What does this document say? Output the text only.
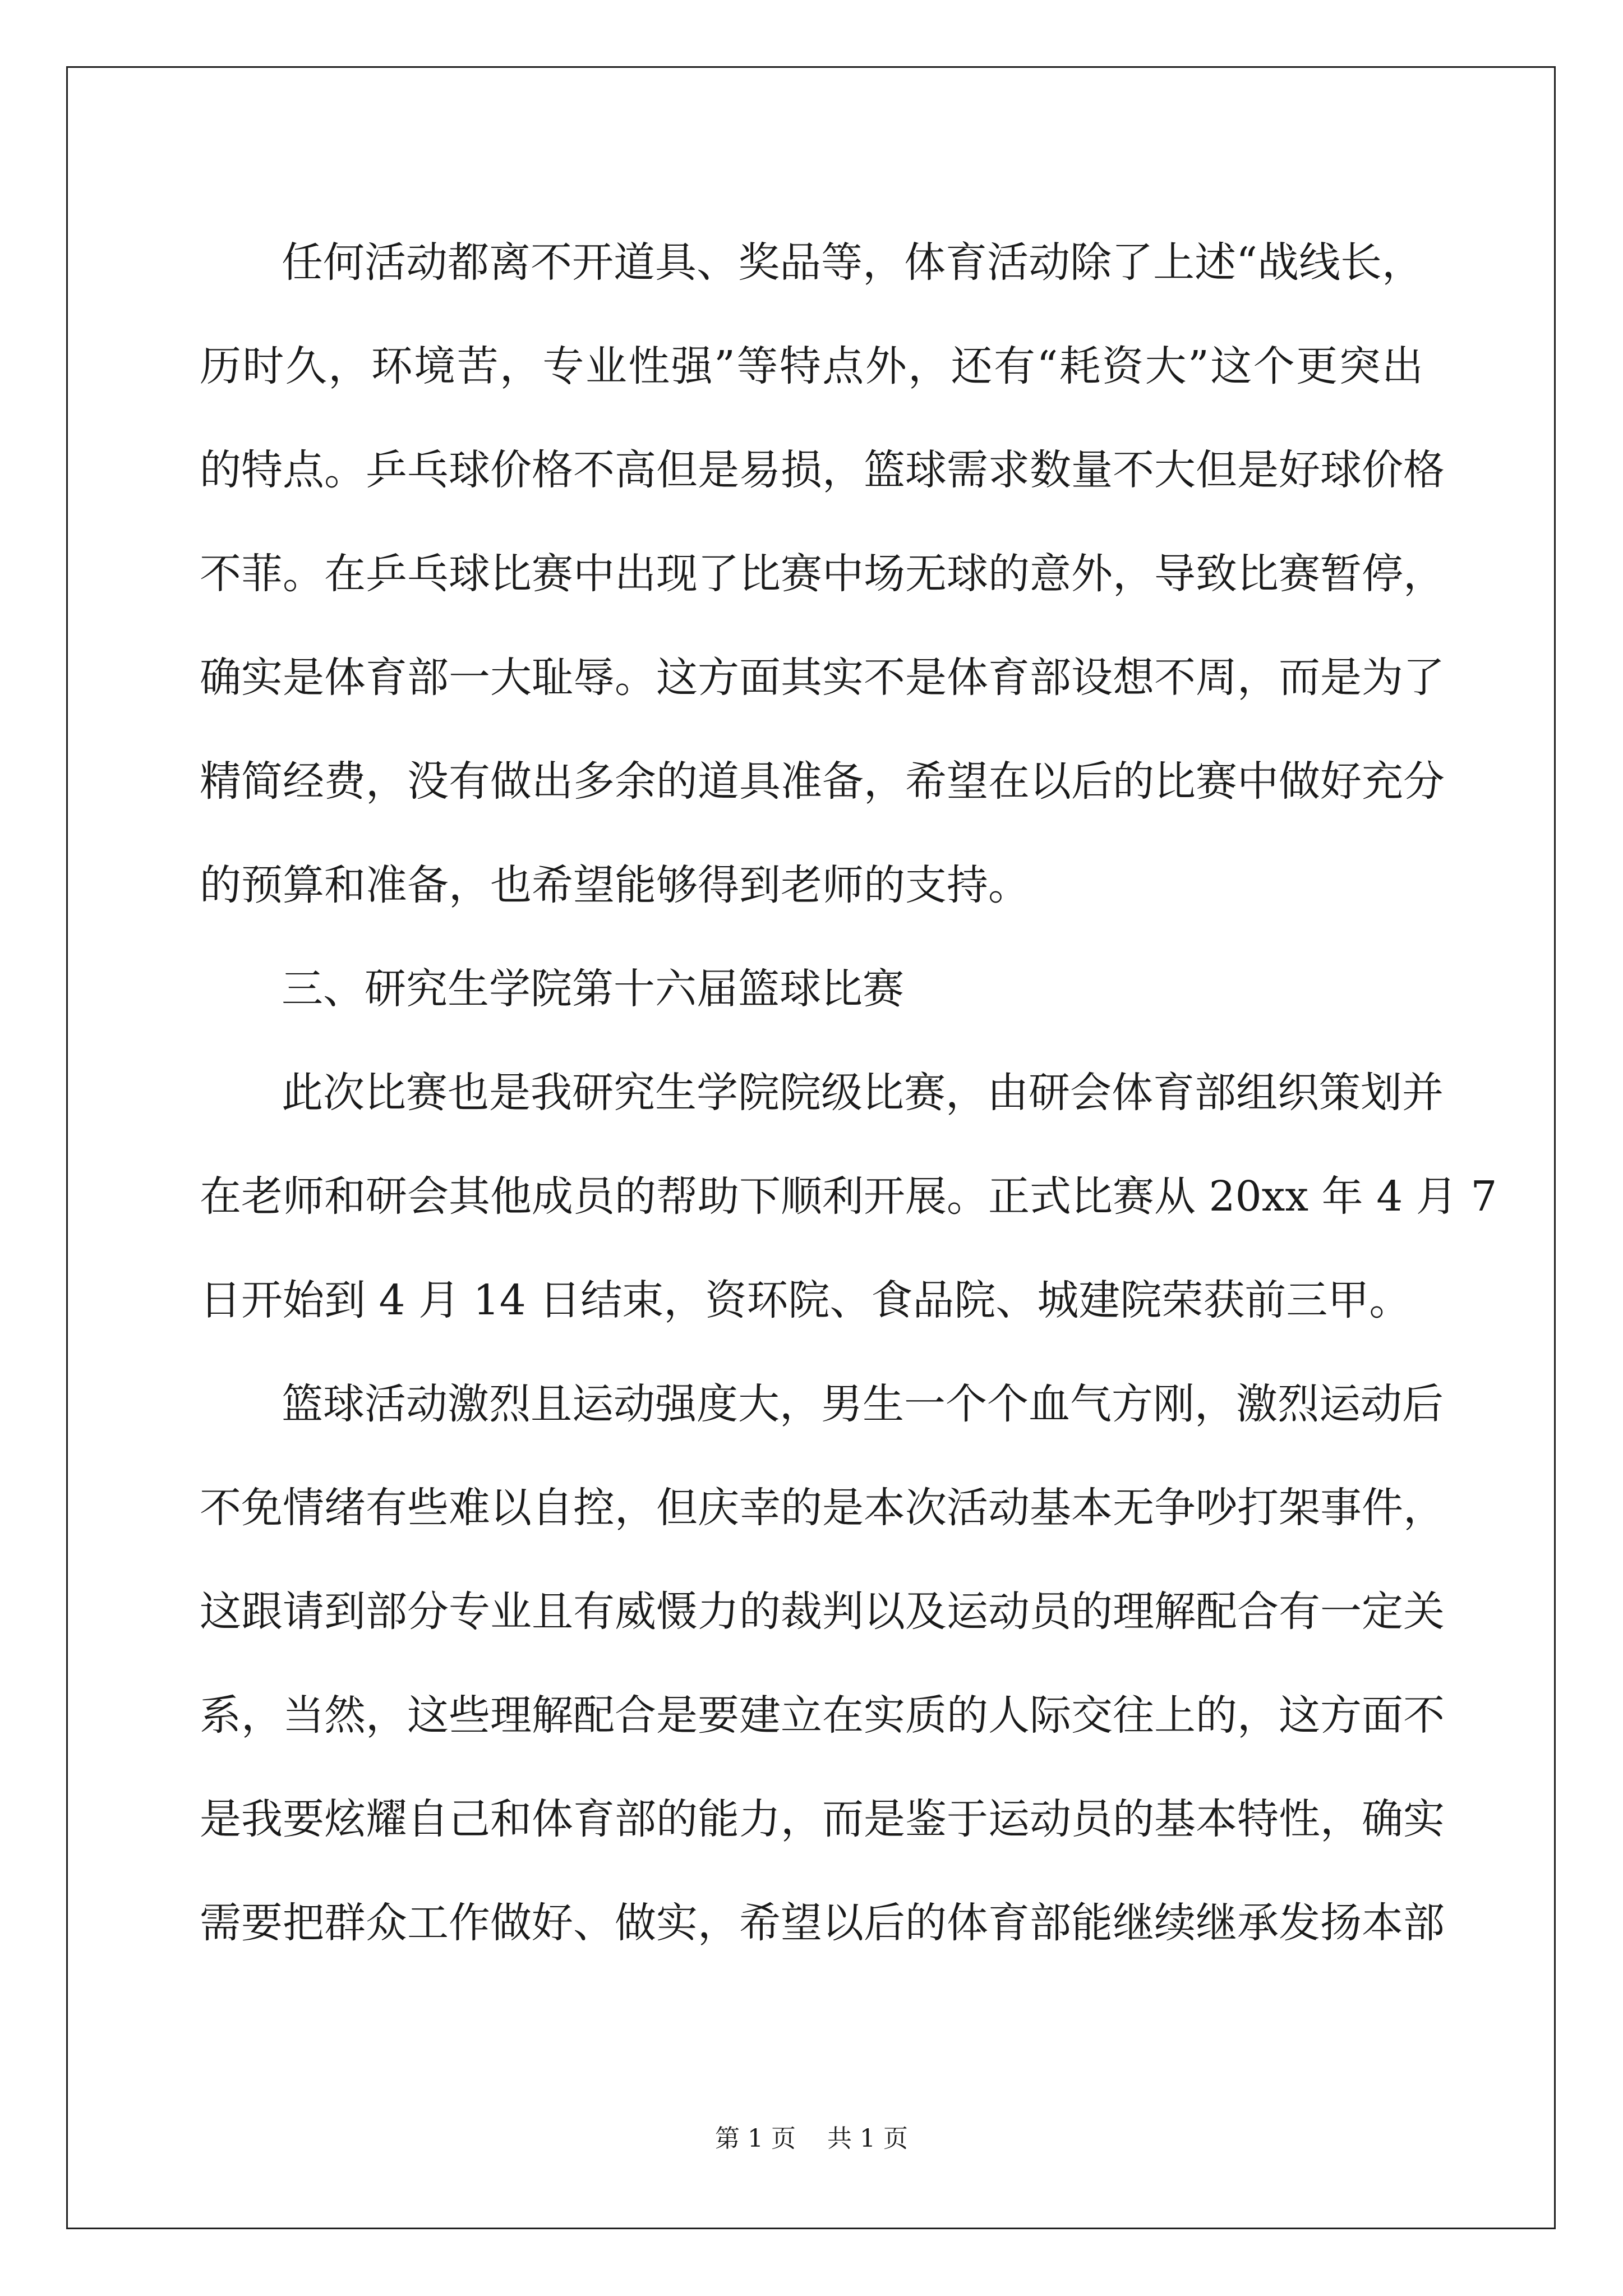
任何活动都离不开道具、奖品等，体育活动除了上述“战线长，
历时久，环境苦，专业性强”等特点外，还有“耗资大”这个更突出
的特点。乒乓球价格不高但是易损，篮球需求数量不大但是好球价格
不菲。在乒乓球比赛中出现了比赛中场无球的意外，导致比赛暂停，
确实是体育部一大耻辱。这方面其实不是体育部设想不周，而是为了
精简经费，没有做出多余的道具准备，希望在以后的比赛中做好充分
的预算和准备，也希望能够得到老师的支持。
三、研究生学院第十六届篮球比赛
此次比赛也是我研究生学院院级比赛，由研会体育部组织策划并
在老师和研会其他成员的帮助下顺利开展。正式比赛从 20xx 年 4 月 7
日开始到 4 月 14 日结束，资环院、食品院、城建院荣获前三甲。
篮球活动激烈且运动强度大，男生一个个血气方刚，激烈运动后
不免情绪有些难以自控，但庆幸的是本次活动基本无争吵打架事件，
这跟请到部分专业且有威慑力的裁判以及运动员的理解配合有一定关
系，当然，这些理解配合是要建立在实质的人际交往上的，这方面不
是我要炫耀自己和体育部的能力，而是鉴于运动员的基本特性，确实
需要把群众工作做好、做实，希望以后的体育部能继续继承发扬本部
第 1 页 共 1 页
